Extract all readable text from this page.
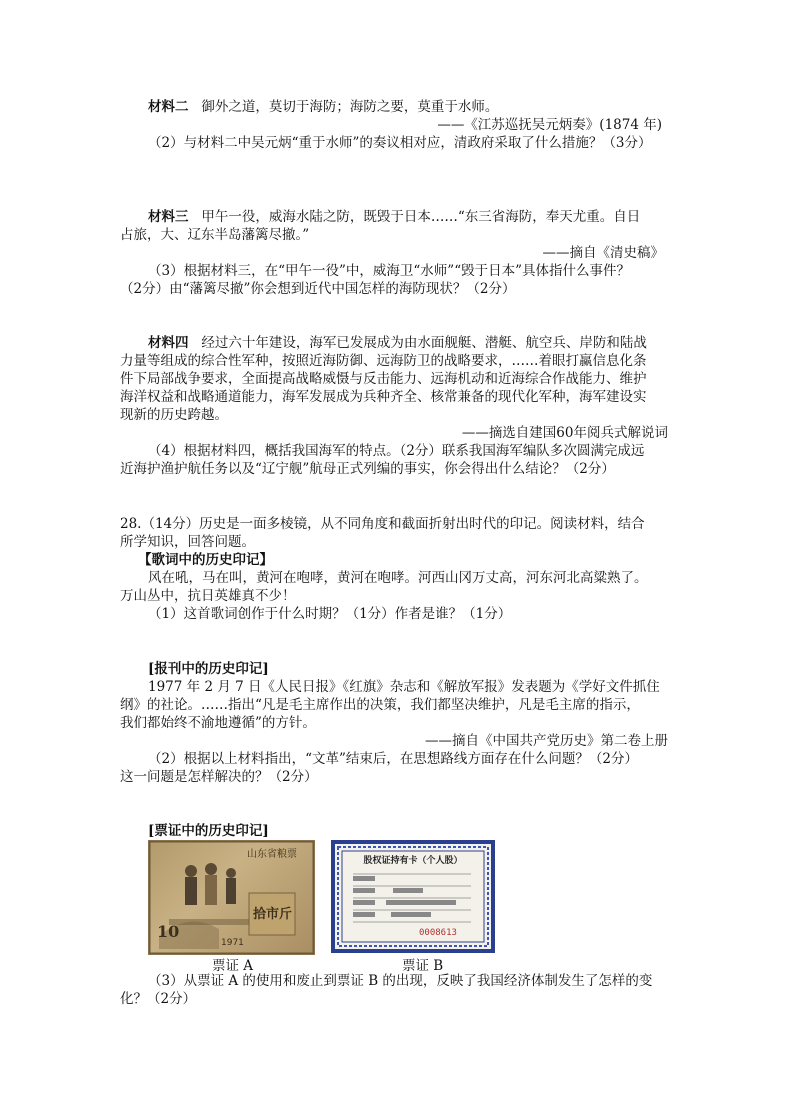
材料二 御外之道，莫切于海防；海防之要，莫重于水师。
——《江苏巡抚吴元炳奏》(1874 年)
（2）与材料二中吴元炳“重于水师”的奏议相对应，清政府采取了什么措施？（3分）
材料三 甲午一役，威海水陆之防，既毁于日本……“东三省海防，奉天尤重。自日
占旅，大、辽东半岛藩篱尽撤。”
——摘自《清史稿》
（3）根据材料三，在“甲午一役”中，威海卫“水师”“毁于日本”具体指什么事件？
（2分）由“藩篱尽撤”你会想到近代中国怎样的海防现状？（2分）
材料四 经过六十年建设，海军已发展成为由水面舰艇、潜艇、航空兵、岸防和陆战
力量等组成的综合性军种，按照近海防御、远海防卫的战略要求，……着眼打赢信息化条
件下局部战争要求，全面提高战略威慑与反击能力、远海机动和近海综合作战能力、维护
海洋权益和战略通道能力，海军发展成为兵种齐全、核常兼备的现代化军种，海军建设实
现新的历史跨越。
——摘选自建国60年阅兵式解说词
（4）根据材料四，概括我国海军的特点。（2分）联系我国海军编队多次圆满完成远
近海护渔护航任务以及“辽宁舰”航母正式列编的事实，你会得出什么结论？（2分）
28.（14分）历史是一面多棱镜，从不同角度和截面折射出时代的印记。阅读材料，结合
所学知识，回答问题。
【歌词中的历史印记】
风在吼，马在叫，黄河在咆哮，黄河在咆哮。河西山冈万丈高，河东河北高粱熟了。
万山丛中，抗日英雄真不少！
（1）这首歌词创作于什么时期？（1分）作者是谁？（1分）
[报刊中的历史印记]
1977 年 2 月 7 日《人民日报》《红旗》杂志和《解放军报》发表题为《学好文件抓住
纲》的社论。……指出“凡是毛主席作出的决策，我们都坚决维护，凡是毛主席的指示，
我们都始终不渝地遵循”的方针。
——摘自《中国共产党历史》第二卷上册
（2）根据以上材料指出，“文革”结束后，在思想路线方面存在什么问题？（2分）
这一问题是怎样解决的？（2分）
[票证中的历史印记]
10
1971
山东省粮票
拾市斤
股权证持有卡（个人股）
0008613
票证 A	票证 B
（3）从票证 A 的使用和废止到票证 B 的出现，反映了我国经济体制发生了怎样的变
化？（2分）
